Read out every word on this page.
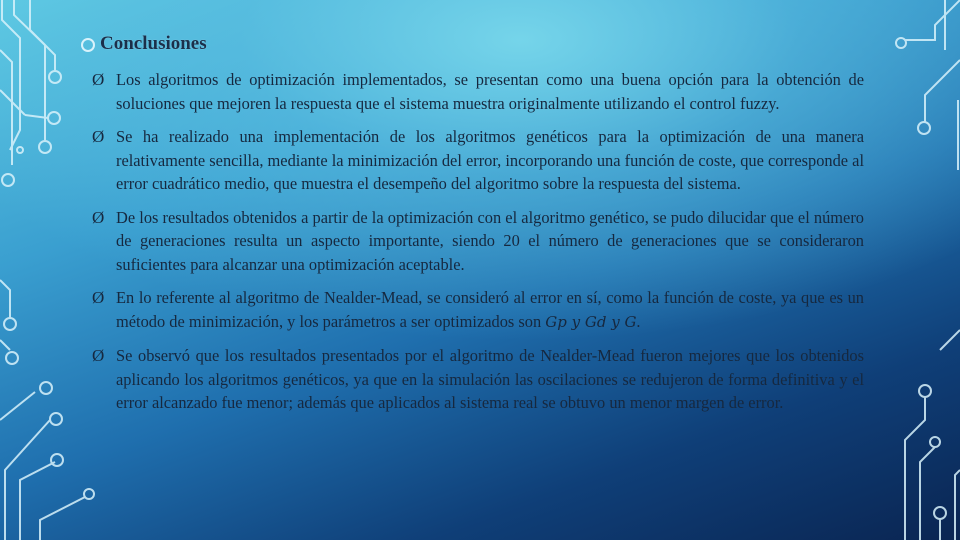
Conclusiones
Ø Los algoritmos de optimización implementados, se presentan como una buena opción para la obtención de soluciones que mejoren la respuesta que el sistema muestra originalmente utilizando el control fuzzy.
Ø Se ha realizado una implementación de los algoritmos genéticos para la optimización de una manera relativamente sencilla, mediante la minimización del error, incorporando una función de coste, que corresponde al error cuadrático medio, que muestra el desempeño del algoritmo sobre la respuesta del sistema.
Ø De los resultados obtenidos a partir de la optimización con el algoritmo genético, se pudo dilucidar que el número de generaciones resulta un aspecto importante, siendo 20 el número de generaciones que se consideraron suficientes para alcanzar una optimización aceptable.
Ø En lo referente al algoritmo de Nealder-Mead, se consideró al error en sí, como la función de coste, ya que es un método de minimización, y los parámetros a ser optimizados son Gp y Gd y G.
Ø Se observó que los resultados presentados por el algoritmo de Nealder-Mead fueron mejores que los obtenidos aplicando los algoritmos genéticos, ya que en la simulación las oscilaciones se redujeron de forma definitiva y el error alcanzado fue menor; además que aplicados al sistema real se obtuvo un menor margen de error.
